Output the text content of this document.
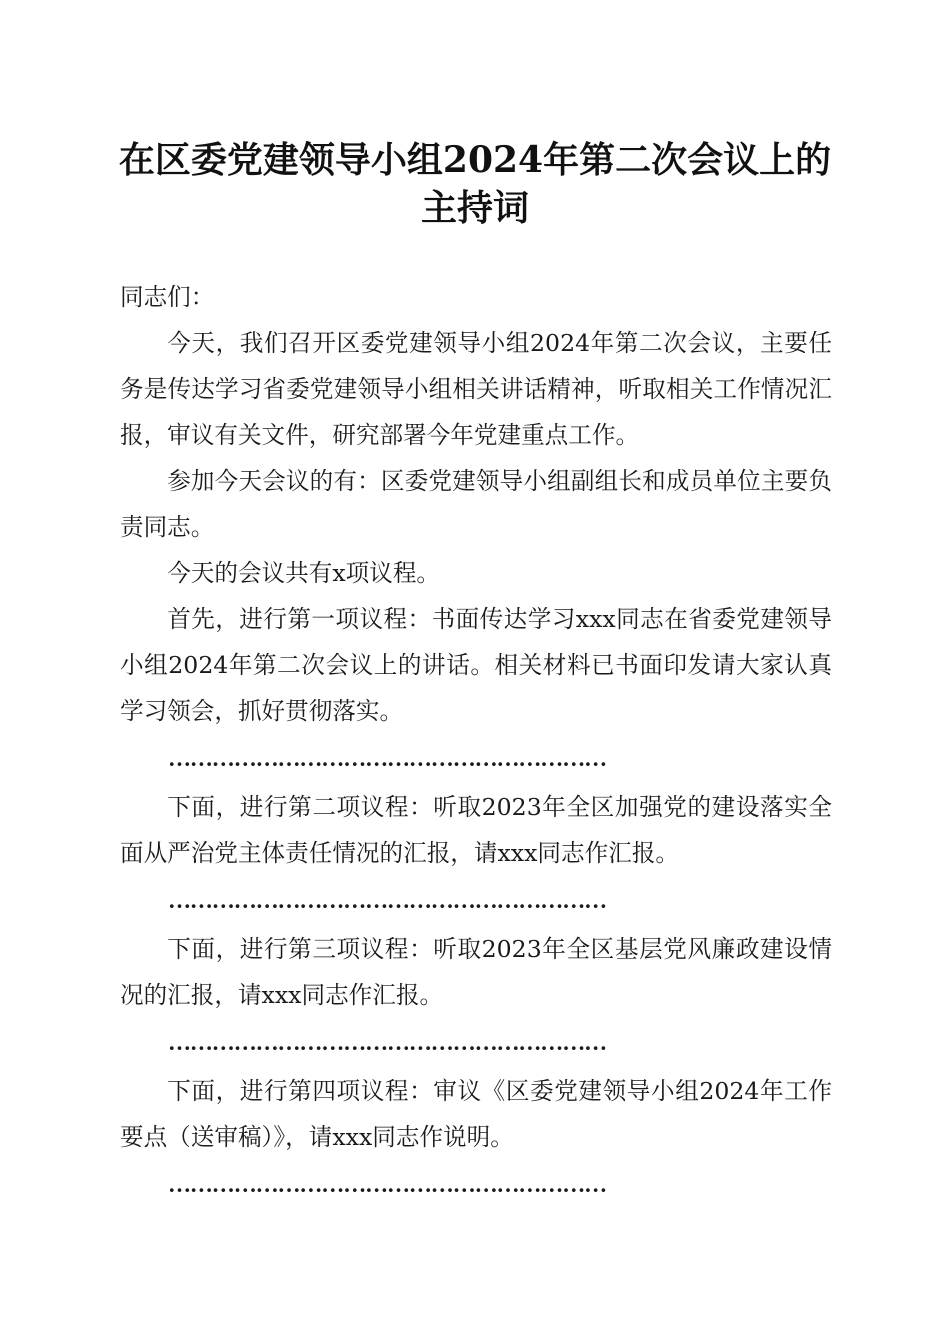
在区委党建领导小组2024年第二次会议上的
主持词

同志们：

今天，我们召开区委党建领导小组2024年第二次会议，主要任务是传达学习省委党建领导小组相关讲话精神，听取相关工作情况汇报，审议有关文件，研究部署今年党建重点工作。

参加今天会议的有：区委党建领导小组副组长和成员单位主要负责同志。

今天的会议共有x项议程。

首先，进行第一项议程：书面传达学习xxx同志在省委党建领导小组2024年第二次会议上的讲话。相关材料已书面印发请大家认真学习领会，抓好贯彻落实。

……………………………………………………

下面，进行第二项议程：听取2023年全区加强党的建设落实全面从严治党主体责任情况的汇报，请xxx同志作汇报。

……………………………………………………

下面，进行第三项议程：听取2023年全区基层党风廉政建设情况的汇报，请xxx同志作汇报。

……………………………………………………

下面，进行第四项议程：审议《区委党建领导小组2024年工作要点（送审稿）》，请xxx同志作说明。

……………………………………………………
